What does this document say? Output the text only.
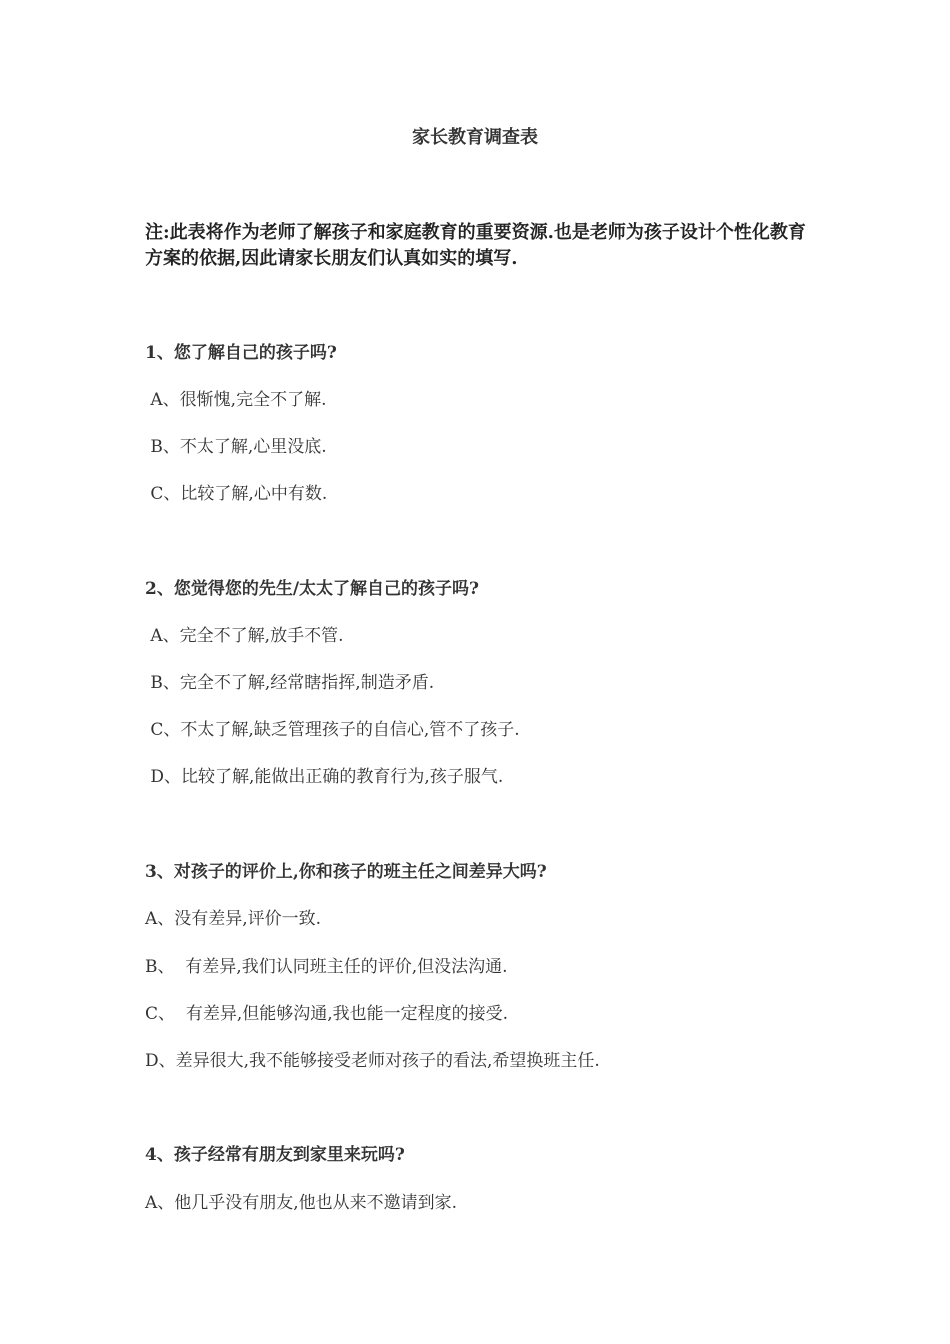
家长教育调查表
注:此表将作为老师了解孩子和家庭教育的重要资源.也是老师为孩子设计个性化教育方案的依据,因此请家长朋友们认真如实的填写.
1、您了解自己的孩子吗?
A、很惭愧,完全不了解.
B、不太了解,心里没底.
C、比较了解,心中有数.
2、您觉得您的先生/太太了解自己的孩子吗?
A、完全不了解,放手不管.
B、完全不了解,经常瞎指挥,制造矛盾.
C、不太了解,缺乏管理孩子的自信心,管不了孩子.
D、比较了解,能做出正确的教育行为,孩子服气.
3、对孩子的评价上,你和孩子的班主任之间差异大吗?
A、没有差异,评价一致.
B、  有差异,我们认同班主任的评价,但没法沟通.
C、  有差异,但能够沟通,我也能一定程度的接受.
D、差异很大,我不能够接受老师对孩子的看法,希望换班主任.
4、孩子经常有朋友到家里来玩吗?
A、他几乎没有朋友,他也从来不邀请到家.
